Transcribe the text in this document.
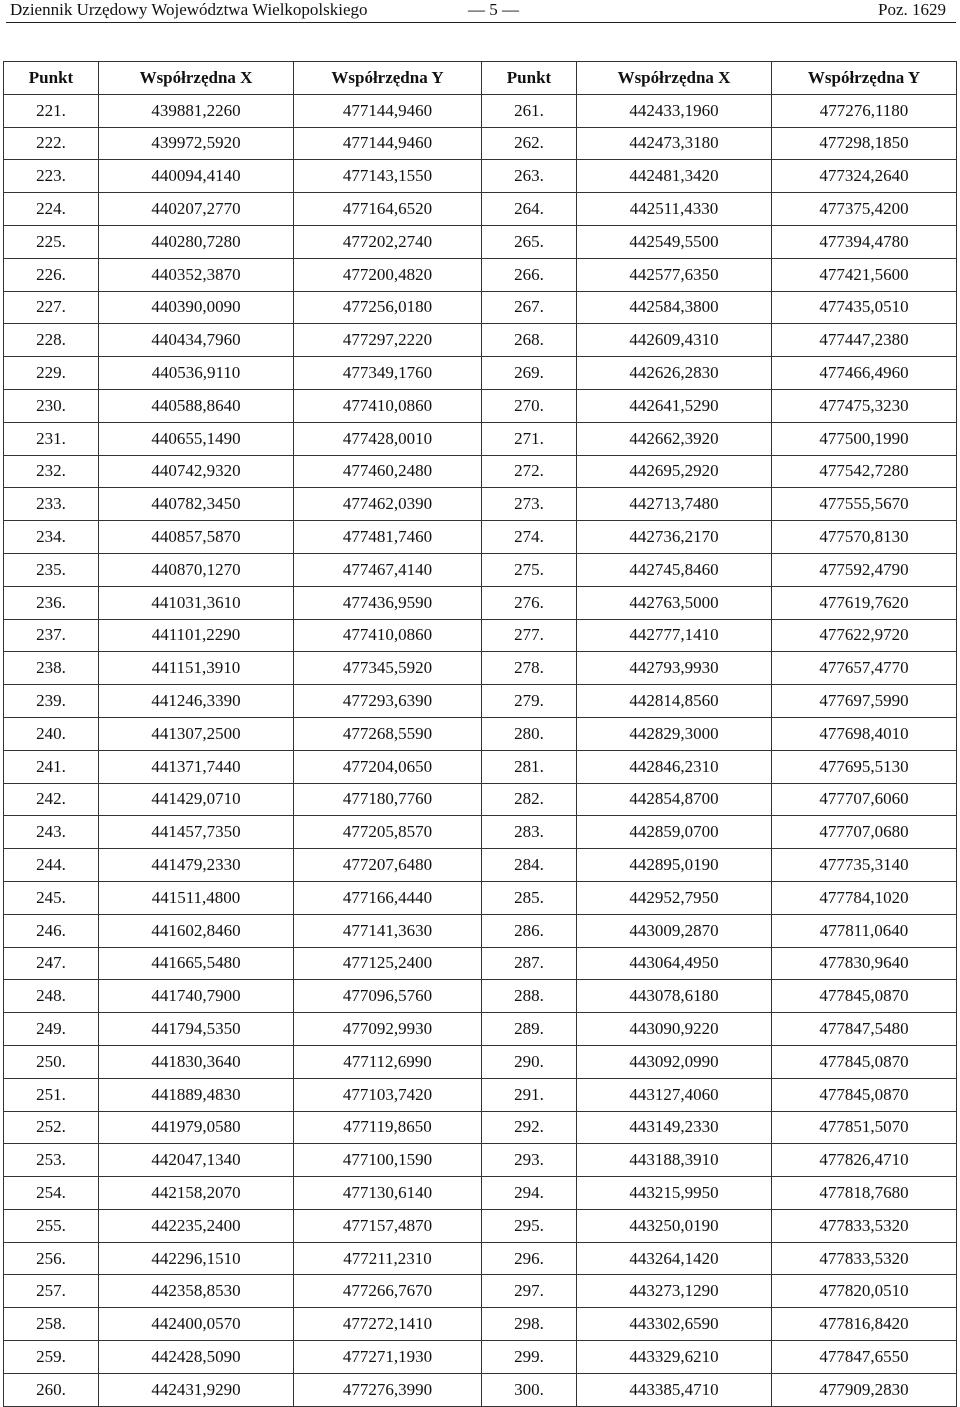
Dziennik Urzędowy Województwa Wielkopolskiego	— 5 —	Poz. 1629
Punkt	Współrzędna X	Współrzędna Y	Punkt	Współrzędna X	Współrzędna Y
221.	439881,2260	477144,9460	261.	442433,1960	477276,1180
222.	439972,5920	477144,9460	262.	442473,3180	477298,1850
223.	440094,4140	477143,1550	263.	442481,3420	477324,2640
224.	440207,2770	477164,6520	264.	442511,4330	477375,4200
225.	440280,7280	477202,2740	265.	442549,5500	477394,4780
226.	440352,3870	477200,4820	266.	442577,6350	477421,5600
227.	440390,0090	477256,0180	267.	442584,3800	477435,0510
228.	440434,7960	477297,2220	268.	442609,4310	477447,2380
229.	440536,9110	477349,1760	269.	442626,2830	477466,4960
230.	440588,8640	477410,0860	270.	442641,5290	477475,3230
231.	440655,1490	477428,0010	271.	442662,3920	477500,1990
232.	440742,9320	477460,2480	272.	442695,2920	477542,7280
233.	440782,3450	477462,0390	273.	442713,7480	477555,5670
234.	440857,5870	477481,7460	274.	442736,2170	477570,8130
235.	440870,1270	477467,4140	275.	442745,8460	477592,4790
236.	441031,3610	477436,9590	276.	442763,5000	477619,7620
237.	441101,2290	477410,0860	277.	442777,1410	477622,9720
238.	441151,3910	477345,5920	278.	442793,9930	477657,4770
239.	441246,3390	477293,6390	279.	442814,8560	477697,5990
240.	441307,2500	477268,5590	280.	442829,3000	477698,4010
241.	441371,7440	477204,0650	281.	442846,2310	477695,5130
242.	441429,0710	477180,7760	282.	442854,8700	477707,6060
243.	441457,7350	477205,8570	283.	442859,0700	477707,0680
244.	441479,2330	477207,6480	284.	442895,0190	477735,3140
245.	441511,4800	477166,4440	285.	442952,7950	477784,1020
246.	441602,8460	477141,3630	286.	443009,2870	477811,0640
247.	441665,5480	477125,2400	287.	443064,4950	477830,9640
248.	441740,7900	477096,5760	288.	443078,6180	477845,0870
249.	441794,5350	477092,9930	289.	443090,9220	477847,5480
250.	441830,3640	477112,6990	290.	443092,0990	477845,0870
251.	441889,4830	477103,7420	291.	443127,4060	477845,0870
252.	441979,0580	477119,8650	292.	443149,2330	477851,5070
253.	442047,1340	477100,1590	293.	443188,3910	477826,4710
254.	442158,2070	477130,6140	294.	443215,9950	477818,7680
255.	442235,2400	477157,4870	295.	443250,0190	477833,5320
256.	442296,1510	477211,2310	296.	443264,1420	477833,5320
257.	442358,8530	477266,7670	297.	443273,1290	477820,0510
258.	442400,0570	477272,1410	298.	443302,6590	477816,8420
259.	442428,5090	477271,1930	299.	443329,6210	477847,6550
260.	442431,9290	477276,3990	300.	443385,4710	477909,2830
